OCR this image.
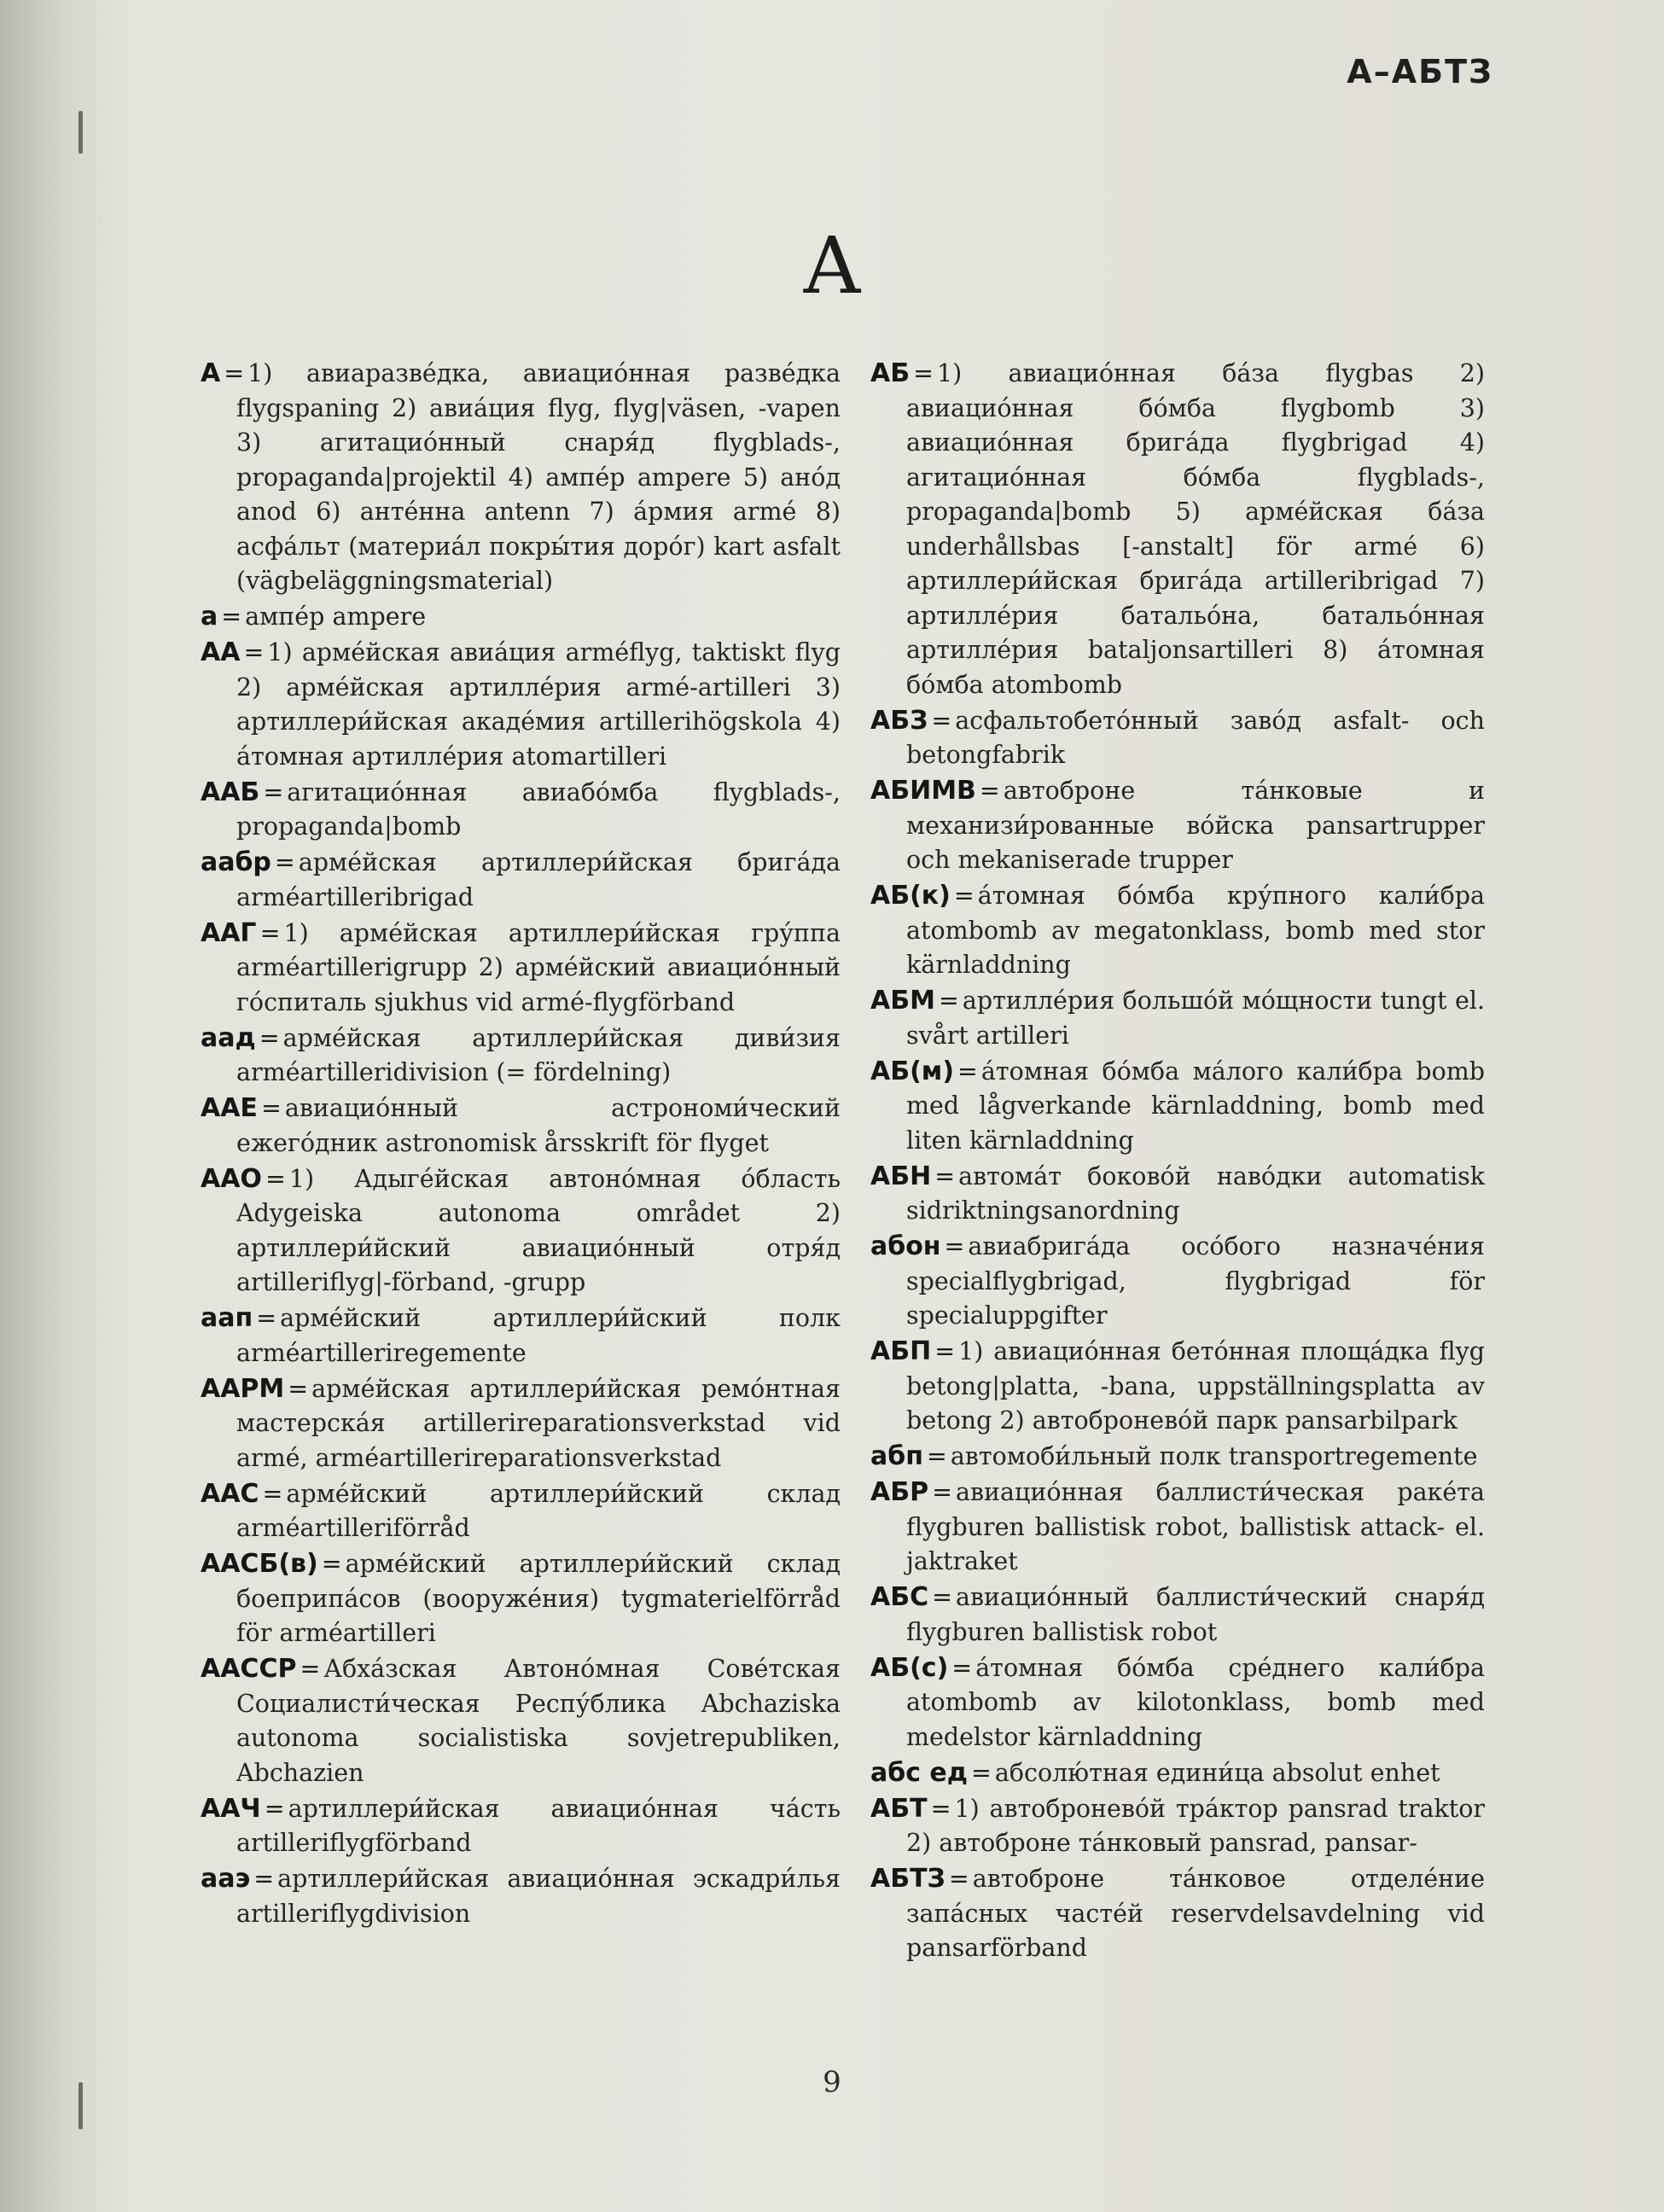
А–АБТЗ
А

А = 1) авиаразве́дка, авиацио́нная разве́дка flygspaning 2) авиа́ция flyg, flyg|väsen, -vapen 3) агитацио́нный снаря́д flygblads-, propaganda|projektil 4) ампе́р ampere 5) ано́д anod 6) анте́нна antenn 7) а́рмия armé 8) асфа́льт (материа́л покры́тия доро́г) kart asfalt (vägbeläggningsmaterial)

а = ампе́р ampere

АА = 1) арме́йская авиа́ция arméflyg, taktiskt flyg 2) арме́йская артилле́рия armé-artilleri 3) артиллери́йская акаде́мия artillerihögskola 4) а́томная артилле́рия atomartilleri

ААБ = агитацио́нная авиабо́мба flygblads-, propaganda|bomb

аабр = арме́йская артиллери́йская брига́да arméartilleribrigad

ААГ = 1) арме́йская артиллери́йская гру́ппа arméartillerigrupp 2) арме́йский авиацио́нный го́спиталь sjukhus vid armé-flygförband

аад = арме́йская артиллери́йская диви́зия arméartilleridivision (= fördelning)

ААЕ = авиацио́нный астрономи́ческий ежего́дник astronomisk årsskrift för flyget

ААО = 1) Адыге́йская автоно́мная о́бласть Adygeiska autonoma området 2) артиллери́йский авиацио́нный отря́д artilleriflyg|-förband, -grupp

аап = арме́йский артиллери́йский полк arméartilleriregemente

ААРМ = арме́йская артиллери́йская ремо́нтная мастерска́я artillerireparationsverkstad vid armé, arméartillerireparationsverkstad

ААС = арме́йский артиллери́йский склад arméartilleriförråd

ААСБ(в) = арме́йский артиллери́йский склад боеприпа́сов (вооруже́ния) tygmaterielförråd för arméartilleri

ААССР = Абха́зская Автоно́мная Сове́тская Социалисти́ческая Респу́блика Abchaziska autonoma socialistiska sovjetrepubliken, Abchazien

ААЧ = артиллери́йская авиацио́нная ча́сть artilleriflygförband

ааэ = артиллери́йская авиацио́нная эскадри́лья artilleriflygdivision

АБ = 1) авиацио́нная ба́за flygbas 2) авиацио́нная бо́мба flygbomb 3) авиацио́нная брига́да flygbrigad 4) агитацио́нная бо́мба flygblads-, propaganda|bomb 5) арме́йская ба́за underhållsbas [-anstalt] för armé 6) артиллери́йская брига́да artilleribrigad 7) артилле́рия батальо́на, батальо́нная артилле́рия bataljonsartilleri 8) а́томная бо́мба atombomb

АБЗ = асфальтобето́нный заво́д asfalt- och betongfabrik

АБИМВ = автоброне та́нковые и механизи́рованные во́йска pansartrupper och mekaniserade trupper

АБ(к) = а́томная бо́мба кру́пного кали́бра atombomb av megatonklass, bomb med stor kärnladdning

АБМ = артилле́рия большо́й мо́щности tungt el. svårt artilleri

АБ(м) = а́томная бо́мба ма́лого кали́бра bomb med lågverkande kärnladdning, bomb med liten kärnladdning

АБН = автома́т боково́й наво́дки automatisk sidriktningsanordning

абон = авиабрига́да осо́бого назначе́ния specialflygbrigad, flygbrigad för specialuppgifter

АБП = 1) авиацио́нная бето́нная площа́дка flyg betong|platta, -bana, uppställningsplatta av betong 2) автобронево́й парк pansarbilpark

абп = автомоби́льный полк transportregemente

АБР = авиацио́нная баллисти́ческая раке́та flygburen ballistisk robot, ballistisk attack- el. jaktraket

АБС = авиацио́нный баллисти́ческий снаря́д flygburen ballistisk robot

АБ(с) = а́томная бо́мба сре́днего кали́бра atombomb av kilotonklass, bomb med medelstor kärnladdning

абс ед = абсолю́тная едини́ца absolut enhet

АБТ = 1) автобронево́й тра́ктор pansrad traktor 2) автоброне та́нковый pansrad, pansar-

АБТЗ = автоброне та́нковое отделе́ние запа́сных часте́й reservdelsavdelning vid pansarförband

9
